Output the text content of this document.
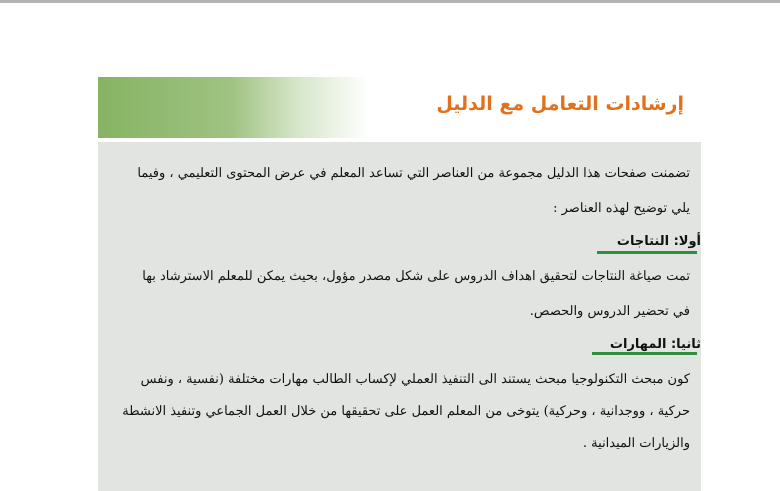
إرشادات التعامل مع الدليل
تضمنت صفحات هذا الدليل مجموعة من العناصر التي تساعد المعلم في عرض المحتوى التعليمي ، وفيما
يلي توضيح لهذه العناصر :
أولا: النتاجات
تمت صياغة النتاجات لتحقيق اهداف الدروس على شكل مصدر مؤول، بحيث يمكن للمعلم الاسترشاد بها
في تحضير الدروس والحصص.
ثانيا: المهارات
كون مبحث التكنولوجيا مبحث يستند الى التنفيذ العملي لإكساب الطالب مهارات مختلفة (نفسية ، ونفس
حركية ، ووجدانية ، وحركية) يتوخى من المعلم العمل على تحقيقها من خلال العمل الجماعي وتنفيذ الانشطة
والزيارات الميدانية .
